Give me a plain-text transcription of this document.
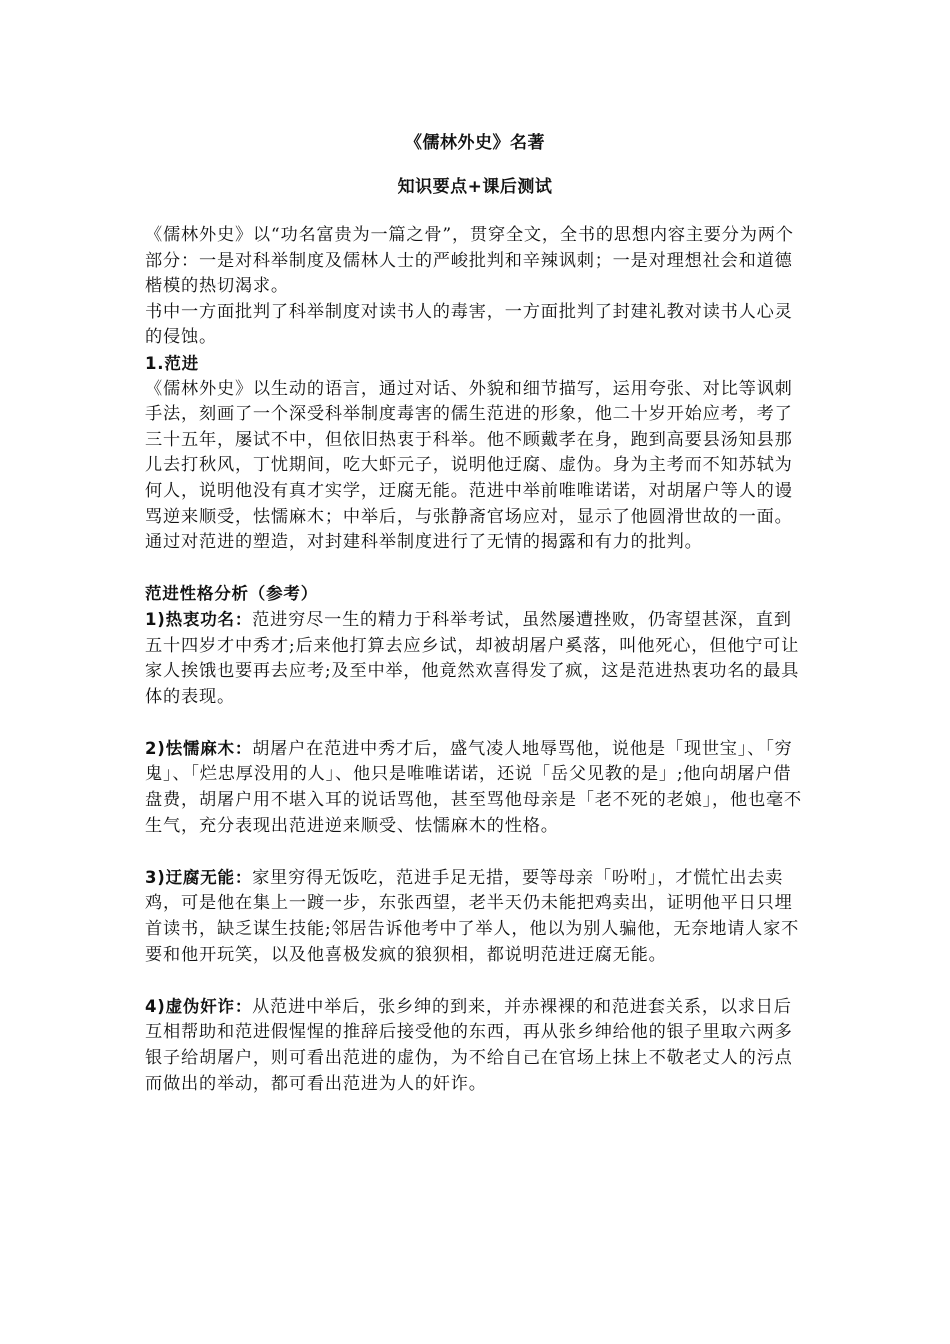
《儒林外史》名著
知识要点+课后测试

《儒林外史》以“功名富贵为一篇之骨”，贯穿全文，全书的思想内容主要分为两个部分：一是对科举制度及儒林人士的严峻批判和辛辣讽刺；一是对理想社会和道德楷模的热切渴求。

书中一方面批判了科举制度对读书人的毒害，一方面批判了封建礼教对读书人心灵的侵蚀。

1.范进

《儒林外史》以生动的语言，通过对话、外貌和细节描写，运用夸张、对比等讽刺手法，刻画了一个深受科举制度毒害的儒生范进的形象，他二十岁开始应考，考了三十五年，屡试不中，但依旧热衷于科举。他不顾戴孝在身，跑到高要县汤知县那儿去打秋风，丁忧期间，吃大虾元子，说明他迂腐、虚伪。身为主考而不知苏轼为何人，说明他没有真才实学，迂腐无能。范进中举前唯唯诺诺，对胡屠户等人的谩骂逆来顺受，怯懦麻木；中举后，与张静斋官场应对，显示了他圆滑世故的一面。　通过对范进的塑造，对封建科举制度进行了无情的揭露和有力的批判。

范进性格分析（参考）

1)热衷功名：范进穷尽一生的精力于科举考试，虽然屡遭挫败，仍寄望甚深，直到五十四岁才中秀才;后来他打算去应乡试，却被胡屠户奚落，叫他死心，但他宁可让家人挨饿也要再去应考;及至中举，他竟然欢喜得发了疯，这是范进热衷功名的最具体的表现。

2)怯懦麻木：胡屠户在范进中秀才后，盛气凌人地辱骂他，说他是「现世宝」、「穷鬼」、「烂忠厚没用的人」、他只是唯唯诺诺，还说「岳父见教的是」;他向胡屠户借盘费，胡屠户用不堪入耳的说话骂他，甚至骂他母亲是「老不死的老娘」，他也毫不生气，充分表现出范进逆来顺受、怯懦麻木的性格。

3)迂腐无能：家里穷得无饭吃，范进手足无措，要等母亲「吩咐」，才慌忙出去卖鸡，可是他在集上一踱一步，东张西望，老半天仍未能把鸡卖出，证明他平日只埋首读书，缺乏谋生技能;邻居告诉他考中了举人，他以为别人骗他，无奈地请人家不要和他开玩笑，以及他喜极发疯的狼狈相，都说明范进迂腐无能。

4)虚伪奸诈：从范进中举后，张乡绅的到来，并赤裸裸的和范进套关系，以求日后互相帮助和范进假惺惺的推辞后接受他的东西，再从张乡绅给他的银子里取六两多银子给胡屠户，则可看出范进的虚伪，为不给自己在官场上抹上不敬老丈人的污点而做出的举动，都可看出范进为人的奸诈。
